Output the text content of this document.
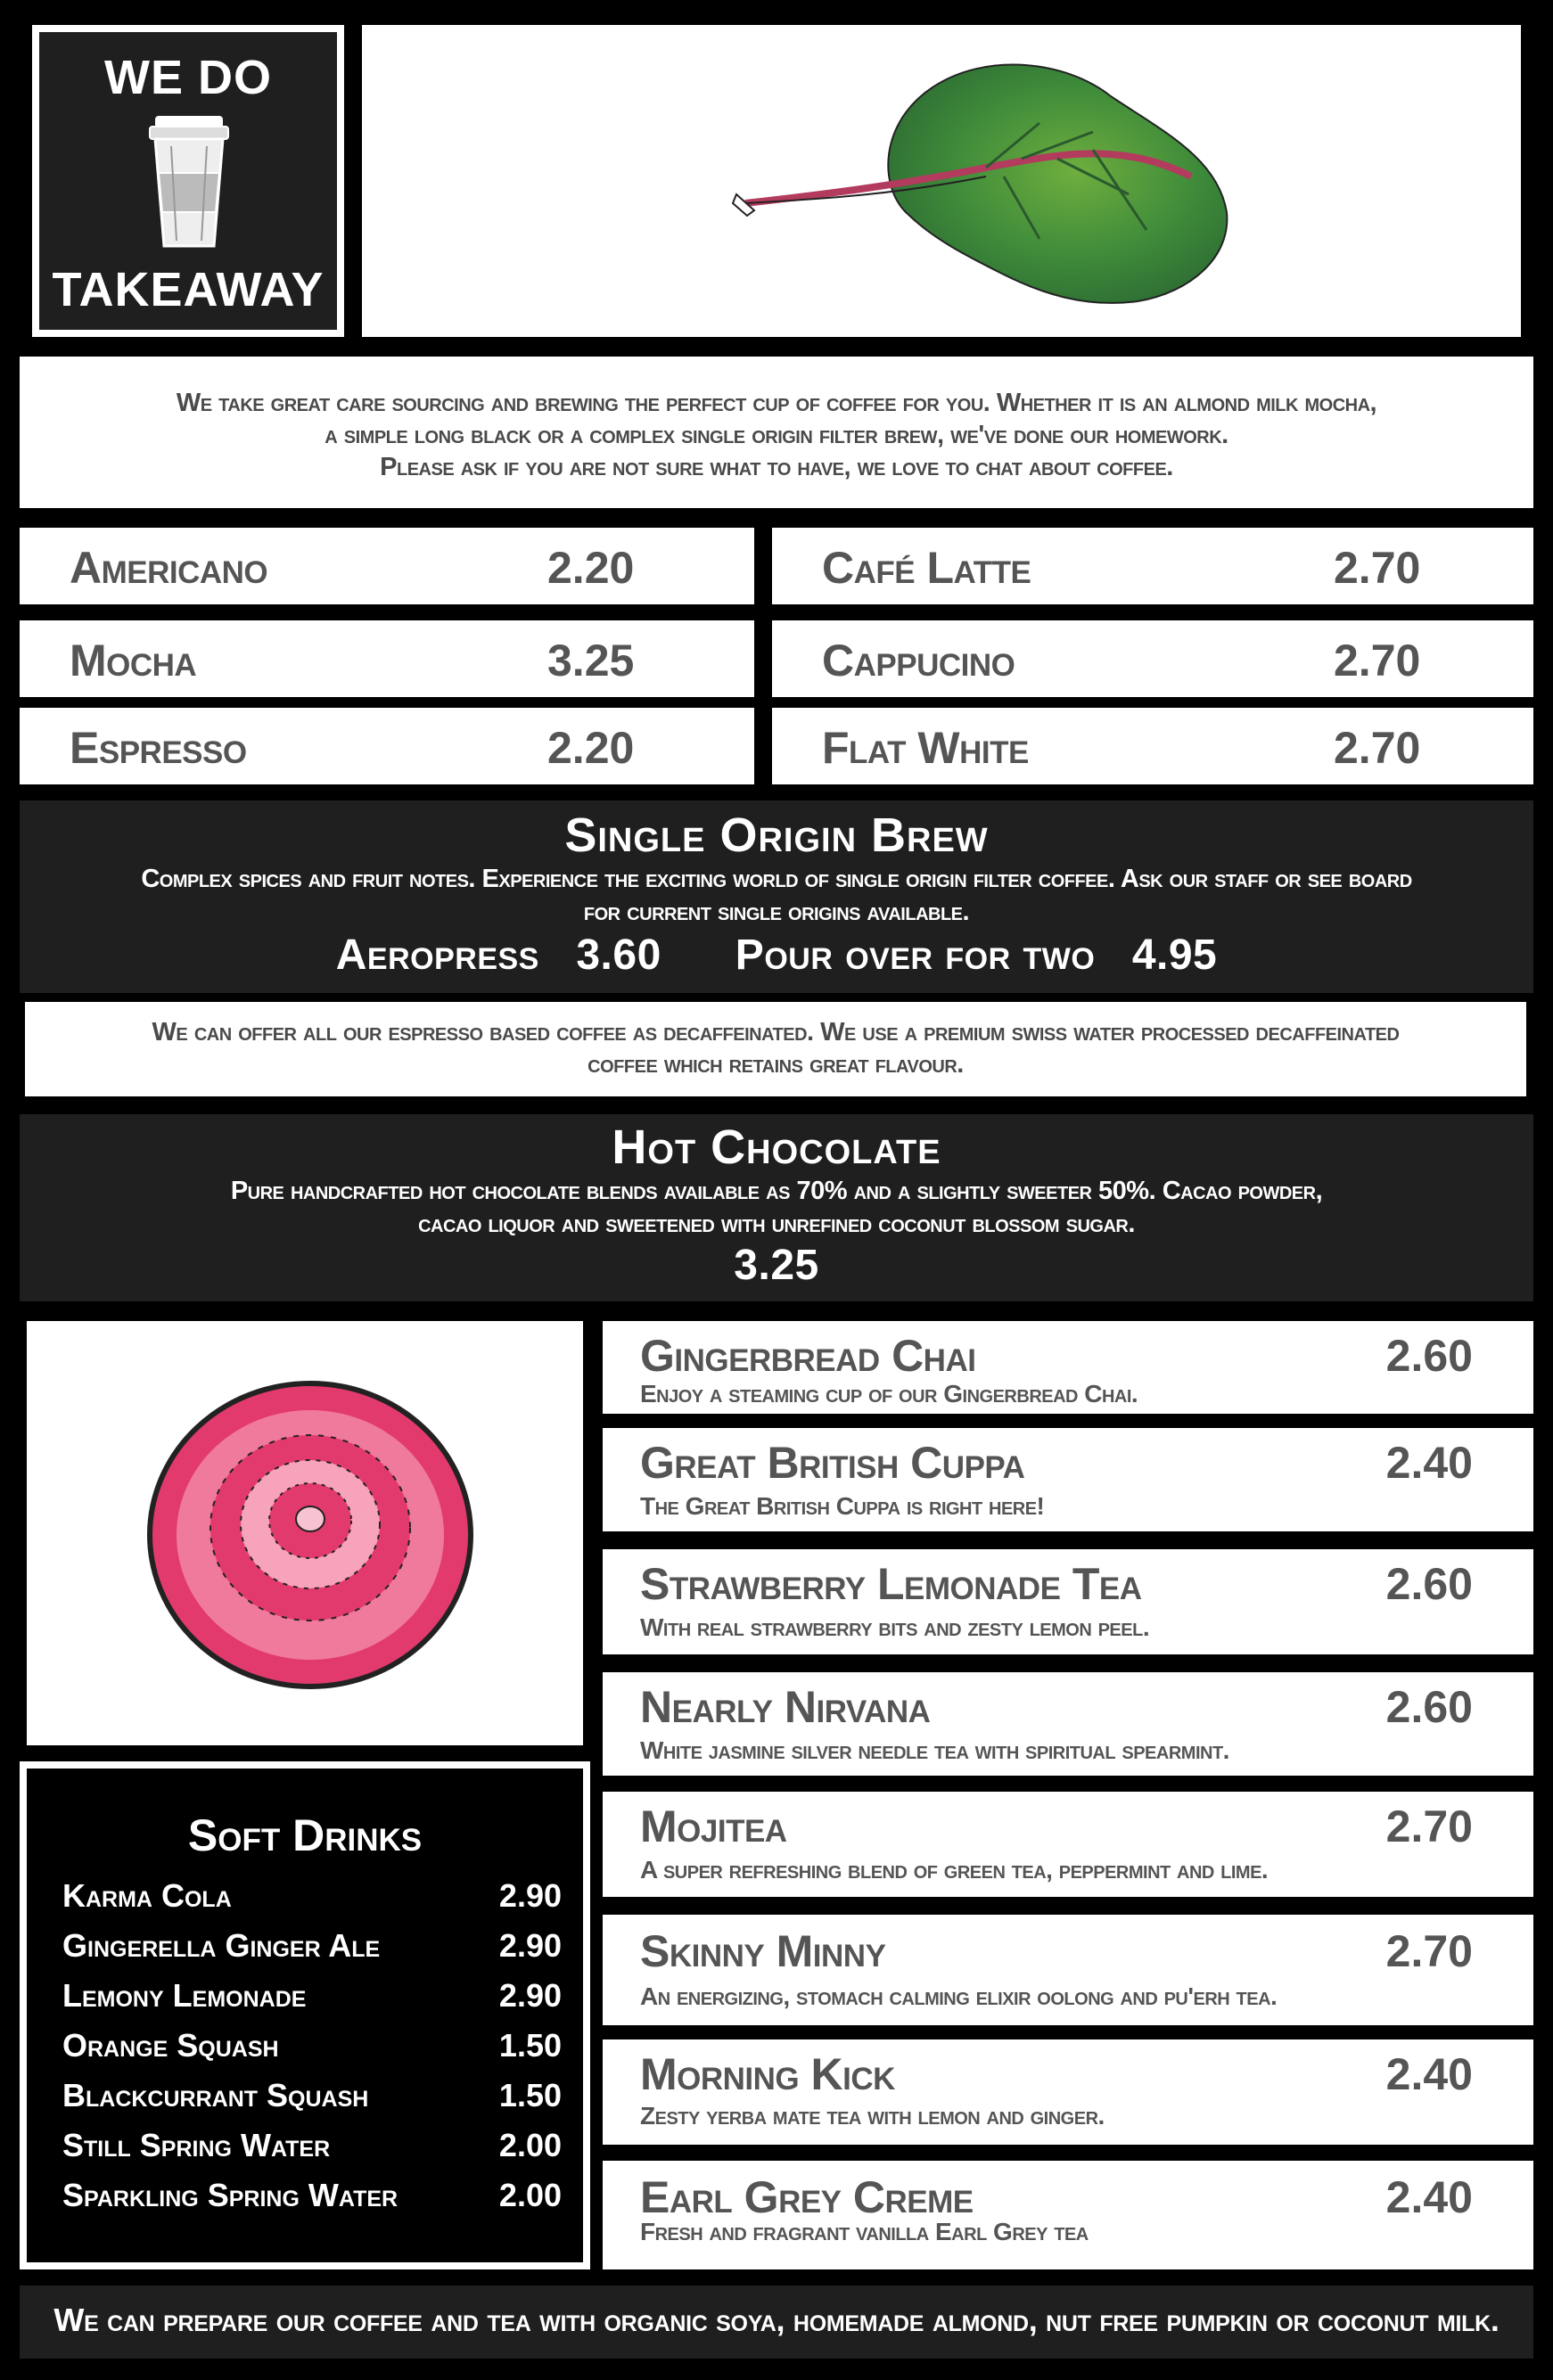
WE DO
TAKEAWAY

We take great care sourcing and brewing the perfect cup of coffee for you. Whether it is an almond milk mocha,

a simple long black or a complex single origin filter brew, we've done our homework.

Please ask if you are not sure what to have, we love to chat about coffee.

Americano	2.20	Café Latte	2.70
Mocha	3.25	Cappucino	2.70
Espresso	2.20	Flat White	2.70
Single Origin Brew
Complex spices and fruit notes. Experience the exciting world of single origin filter coffee. Ask our staff or see board
for current single origins available.
Aeropress   3.60      Pour over for two   4.95

We can offer all our espresso based coffee as decaffeinated. We use a premium swiss water processed decaffeinated

coffee which retains great flavour.

Hot Chocolate
Pure handcrafted hot chocolate blends available as 70% and a slightly sweeter 50%. Cacao powder,
cacao liquor and sweetened with unrefined coconut blossom sugar.
3.25
Soft Drinks
Karma Cola	2.90
Gingerella Ginger Ale	2.90
Lemony Lemonade	2.90
Orange Squash	1.50
Blackcurrant Squash	1.50
Still Spring Water	2.00
Sparkling Spring Water	2.00
Gingerbread Chai
Enjoy a steaming cup of our Gingerbread Chai.
2.60
Great British Cuppa
The Great British Cuppa is right here!
2.40
Strawberry Lemonade Tea
With real strawberry bits and zesty lemon peel.
2.60
Nearly Nirvana
White jasmine silver needle tea with spiritual spearmint.
2.60
Mojitea
A super refreshing blend of green tea, peppermint and lime.
2.70
Skinny Minny
An energizing, stomach calming elixir oolong and pu'erh tea.
2.70
Morning Kick
Zesty yerba mate tea with lemon and ginger.
2.40
Earl Grey Creme
Fresh and fragrant vanilla Earl Grey tea
2.40

We can prepare our coffee and tea with organic soya, homemade almond, nut free pumpkin or coconut milk.
